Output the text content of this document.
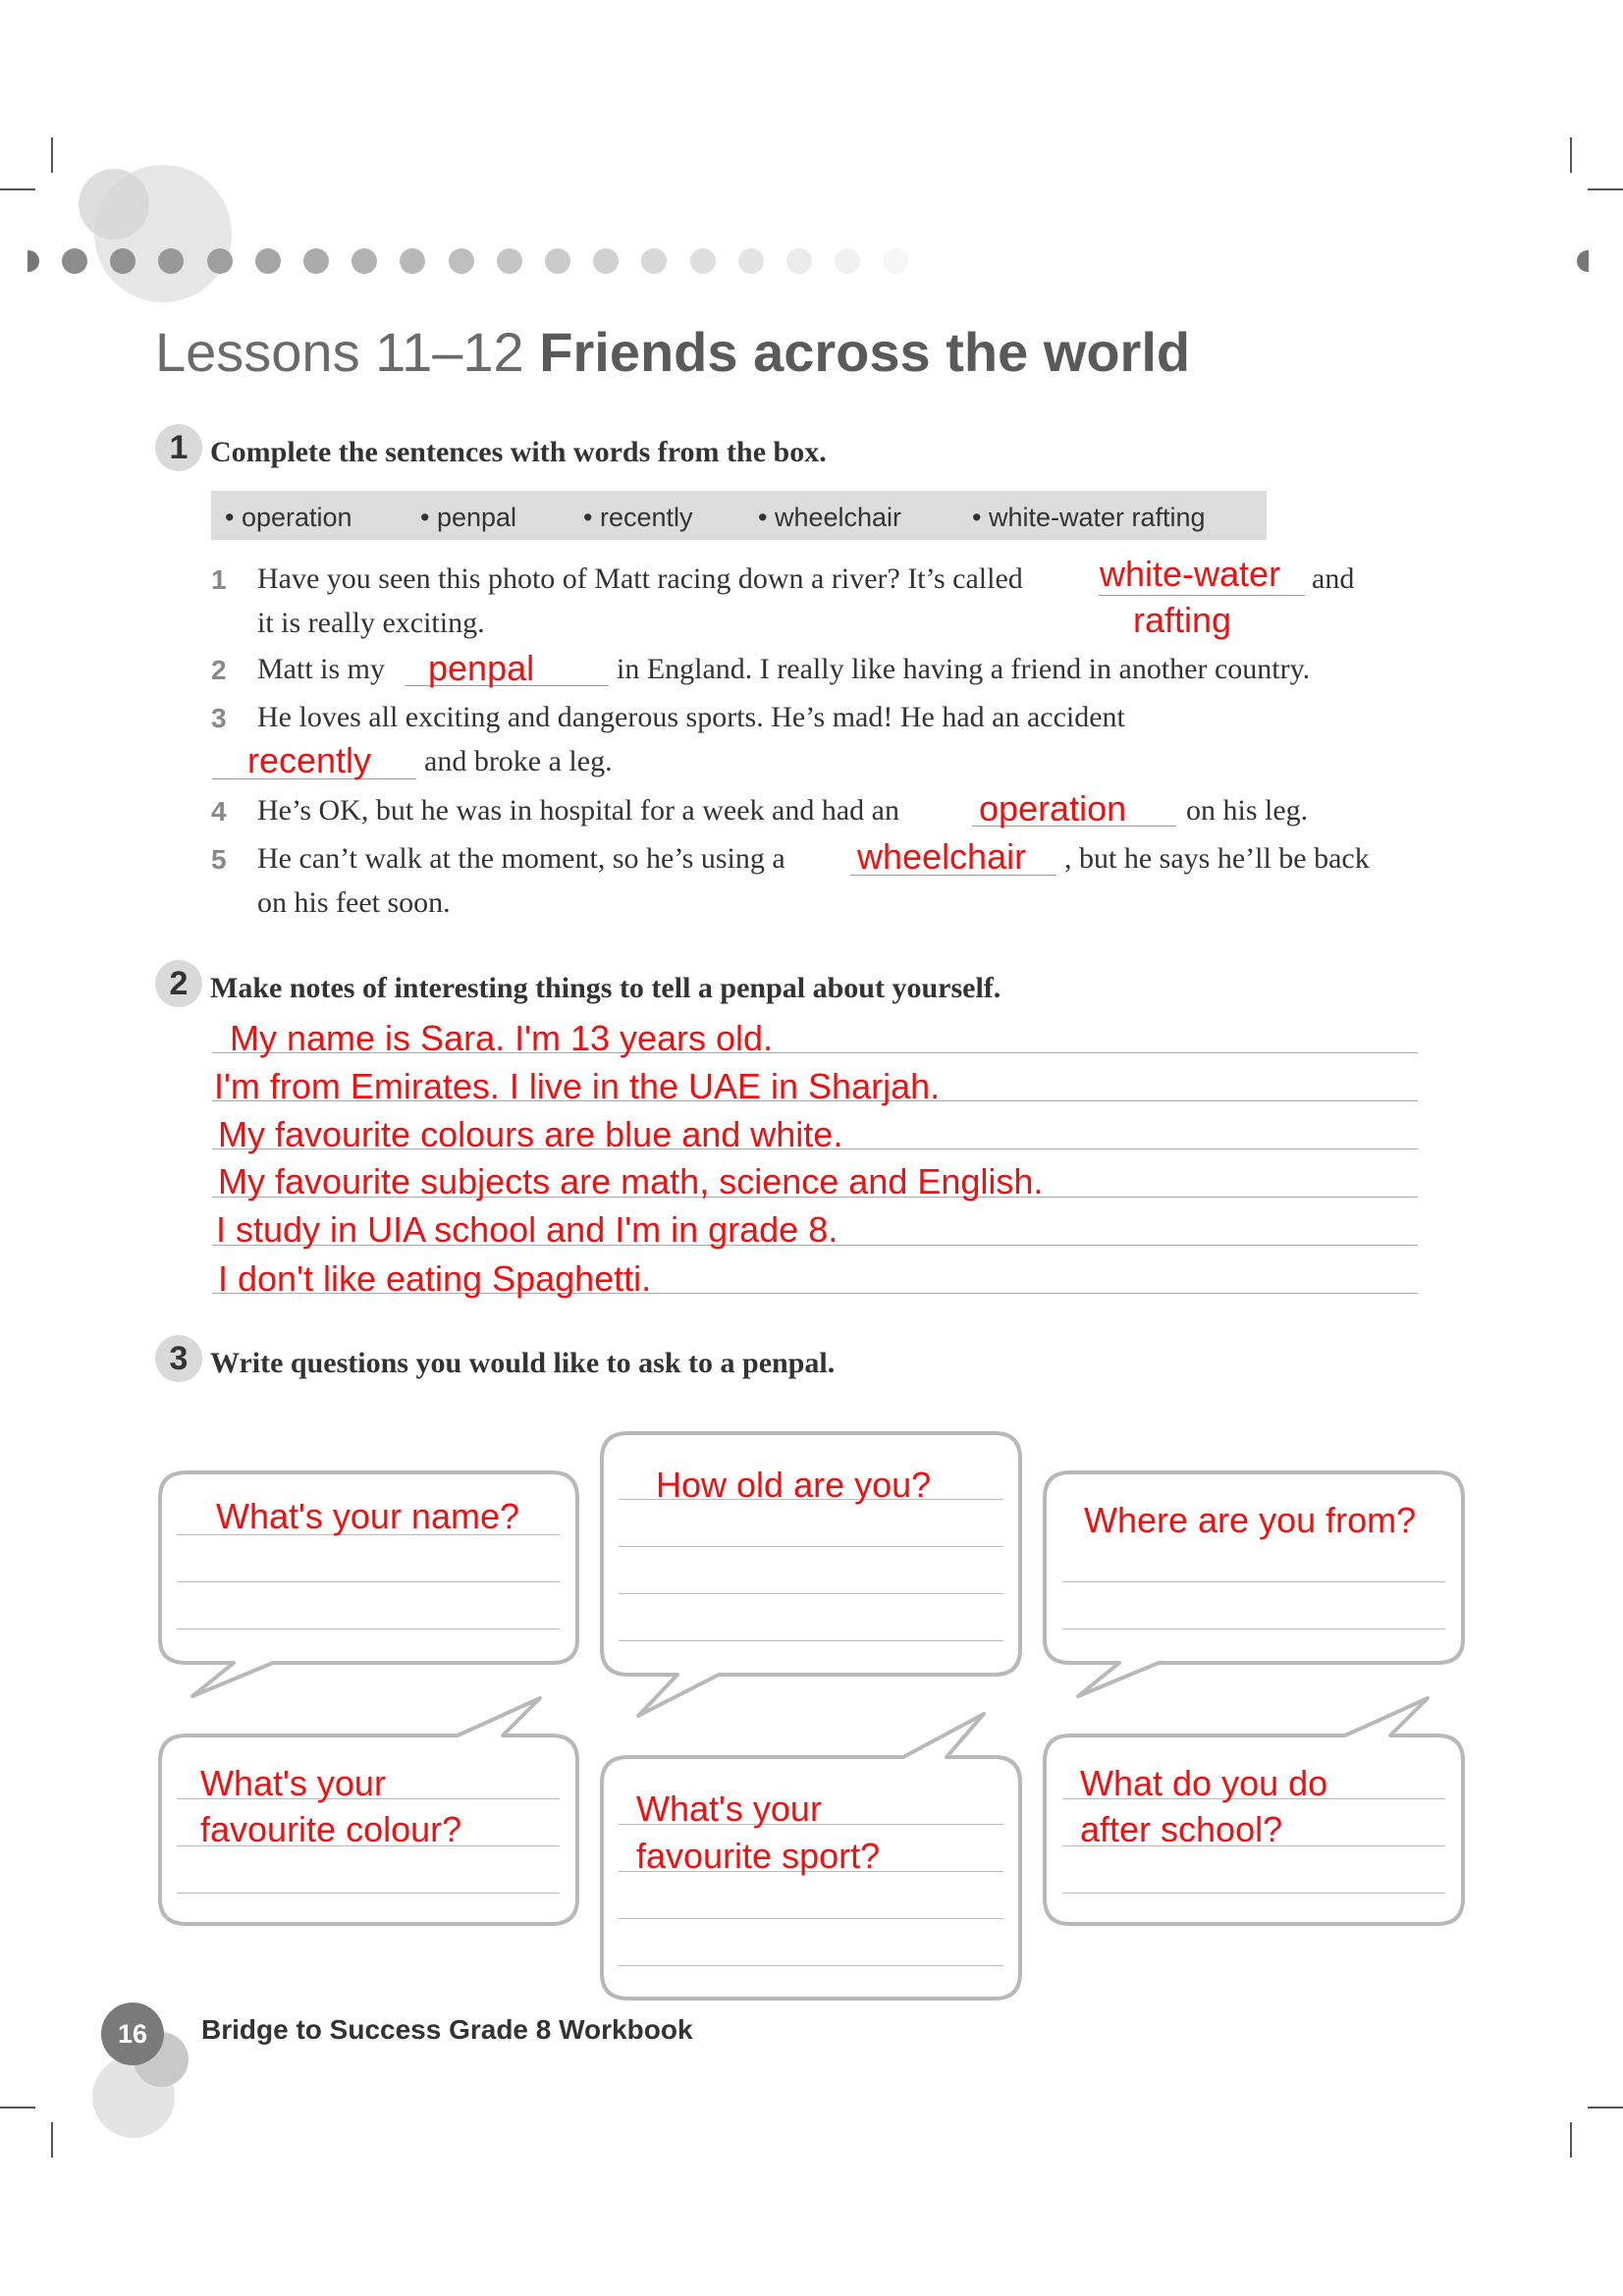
Lessons 11–12 Friends across the world
1 Complete the sentences with words from the box.
• operation	• penpal	• recently • wheelchair	• white-water rafting
1 Have you seen this photo of Matt racing down a river? It’s called white-water and
it is really exciting.	rafting
2 Matt is my penpal	in England. I really like having a friend in another country.
3 He loves all exciting and dangerous sports. He’s mad! He had an accident
recently and broke a leg.
4 He’s OK, but he was in hospital for a week and had an operation on his leg.
5 He can’t walk at the moment, so he’s using a wheelchair , but he says he’ll be back
on his feet soon.
2 Make notes of interesting things to tell a penpal about yourself.
My name is Sara. I'm 13 years old.
I'm from Emirates. I live in the UAE in Sharjah.
My favourite colours are blue and white.
My favourite subjects are math, science and English.
I study in UIA school and I'm in grade 8.
I don't like eating Spaghetti.
3 Write questions you would like to ask to a penpal.
What's your name?
How old are you?
Where are you from?
What's your
favourite colour?
What's your
favourite sport?
What do you do
after school?
16	Bridge to Success Grade 8 Workbook
